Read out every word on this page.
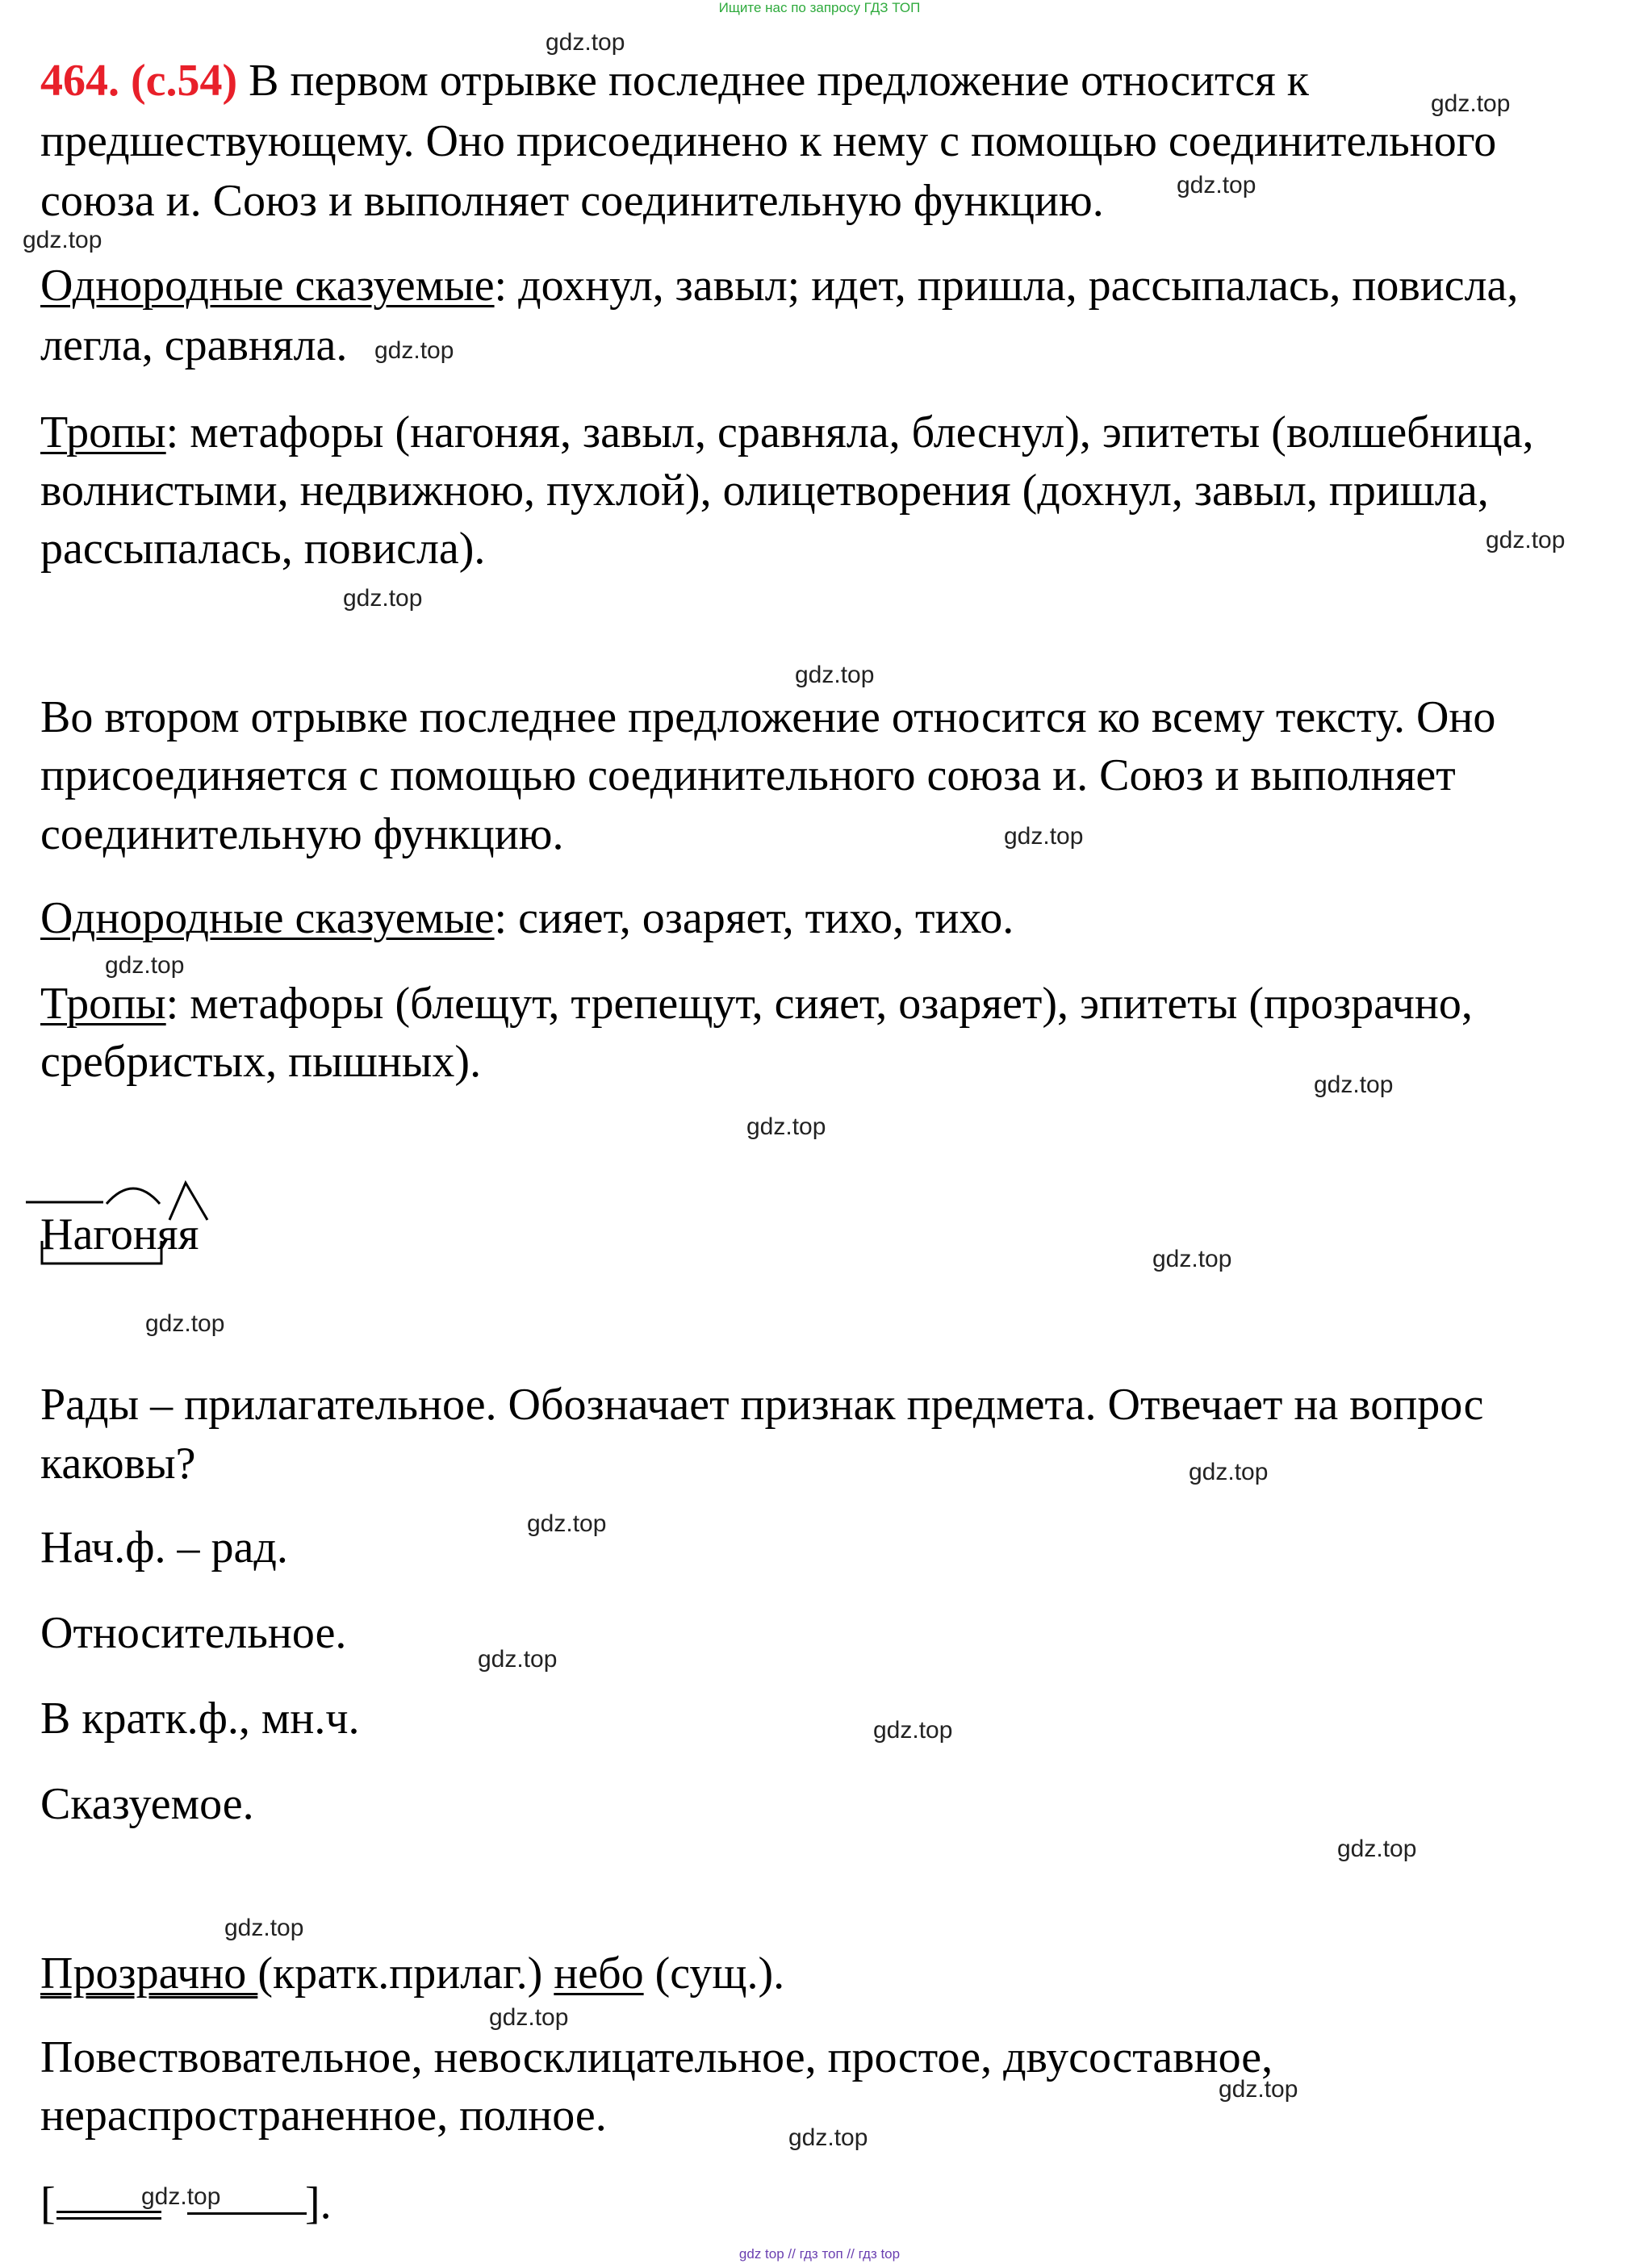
Ищите нас по запросу ГДЗ ТОП

464. (с.54) В первом отрывке последнее предложение относится к

предшествующему. Оно присоединено к нему с помощью соединительного

союза и. Союз и выполняет соединительную функцию.

Однородные сказуемые: дохнул, завыл; идет, пришла, рассыпалась, повисла,

легла, сравняла.

Тропы: метафоры (нагоняя, завыл, сравняла, блеснул), эпитеты (волшебница,

волнистыми, недвижною, пухлой), олицетворения (дохнул, завыл, пришла,

рассыпалась, повисла).

Во втором отрывке последнее предложение относится ко всему тексту. Оно

присоединяется с помощью соединительного союза и. Союз и выполняет

соединительную функцию.

Однородные сказуемые: сияет, озаряет, тихо, тихо.

Тропы: метафоры (блещут, трепещут, сияет, озаряет), эпитеты (прозрачно,

сребристых, пышных).

Нагоняя

Рады – прилагательное. Обозначает признак предмета. Отвечает на вопрос

каковы?

Нач.ф. – рад.

Относительное.

В кратк.ф., мн.ч.

Сказуемое.

Прозрачно (кратк.прилаг.) небо (сущ.).

Повествовательное, невосклицательное, простое, двусоставное,

нераспространенное, полное.

[	].

gdz.top
gdz.top
gdz.top
gdz.top
gdz.top
gdz.top
gdz.top
gdz.top
gdz.top
gdz.top
gdz.top
gdz.top
gdz.top
gdz.top
gdz.top
gdz.top
gdz.top
gdz.top
gdz.top
gdz.top
gdz.top
gdz.top
gdz.top
gdz.top
gdz top // гдз топ // гдз top
